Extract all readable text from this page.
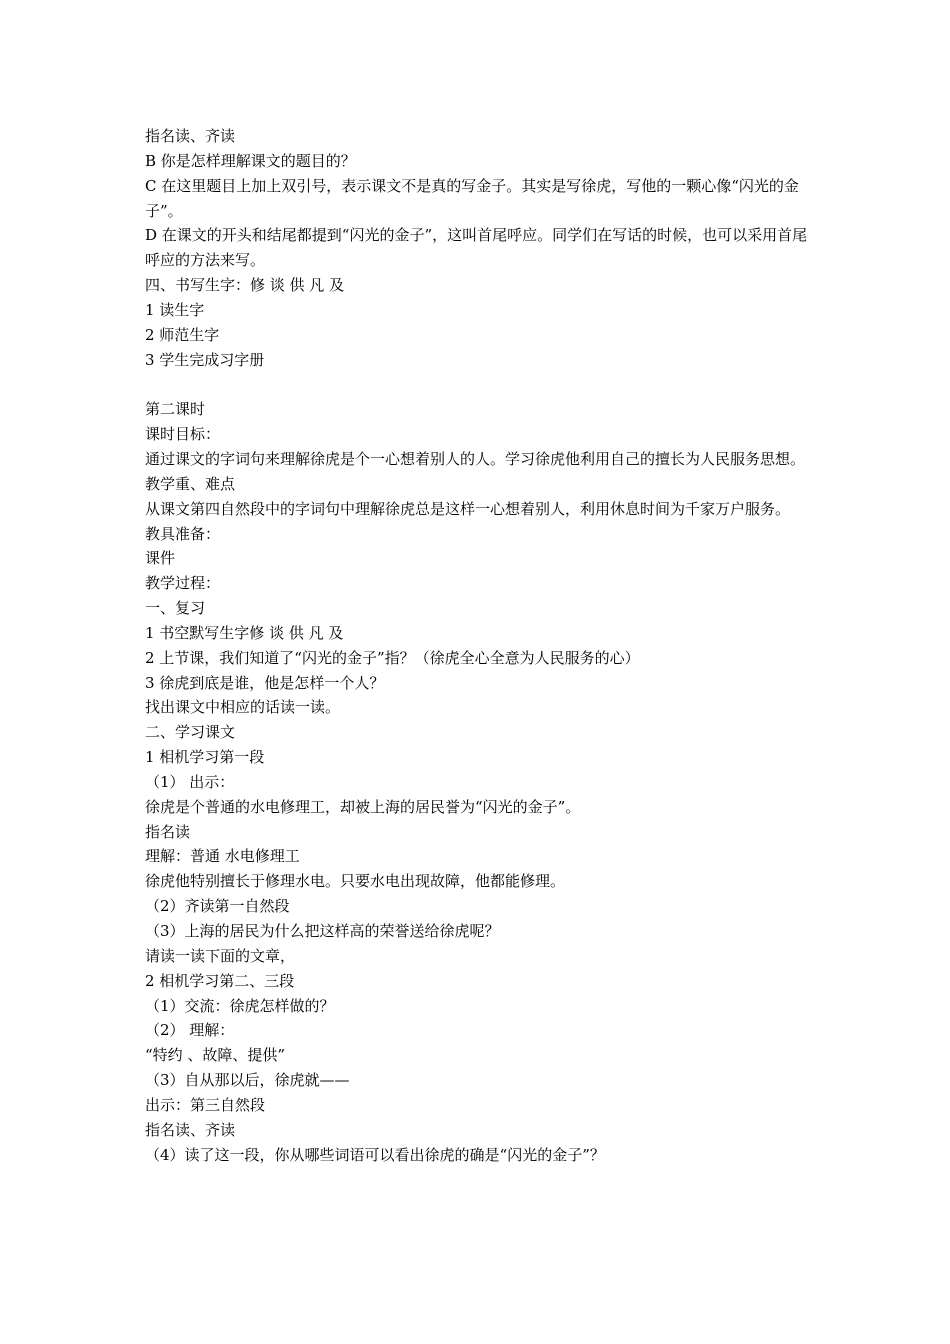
指名读、齐读

B 你是怎样理解课文的题目的？

C 在这里题目上加上双引号，表示课文不是真的写金子。其实是写徐虎，写他的一颗心像“闪光的金子”。

D 在课文的开头和结尾都提到“闪光的金子”，这叫首尾呼应。同学们在写话的时候，也可以采用首尾呼应的方法来写。

四、书写生字：修 谈 供 凡 及

1 读生字

2 师范生字

3 学生完成习字册

第二课时

课时目标：

通过课文的字词句来理解徐虎是个一心想着别人的人。学习徐虎他利用自己的擅长为人民服务思想。

教学重、难点

从课文第四自然段中的字词句中理解徐虎总是这样一心想着别人，利用休息时间为千家万户服务。

教具准备：

课件

教学过程：

一、复习

1 书空默写生字修 谈 供 凡 及

2 上节课，我们知道了“闪光的金子”指？（徐虎全心全意为人民服务的心）

3 徐虎到底是谁，他是怎样一个人？

找出课文中相应的话读一读。

二、学习课文

1 相机学习第一段

（1） 出示：

徐虎是个普通的水电修理工，却被上海的居民誉为“闪光的金子”。

指名读

理解：普通 水电修理工

徐虎他特别擅长于修理水电。只要水电出现故障，他都能修理。

（2）齐读第一自然段

（3）上海的居民为什么把这样高的荣誉送给徐虎呢？

请读一读下面的文章，

2 相机学习第二、三段

（1）交流：徐虎怎样做的？

（2） 理解：

“特约 、故障、提供”

（3）自从那以后，徐虎就——

出示：第三自然段

指名读、齐读

（4）读了这一段，你从哪些词语可以看出徐虎的确是“闪光的金子”？
